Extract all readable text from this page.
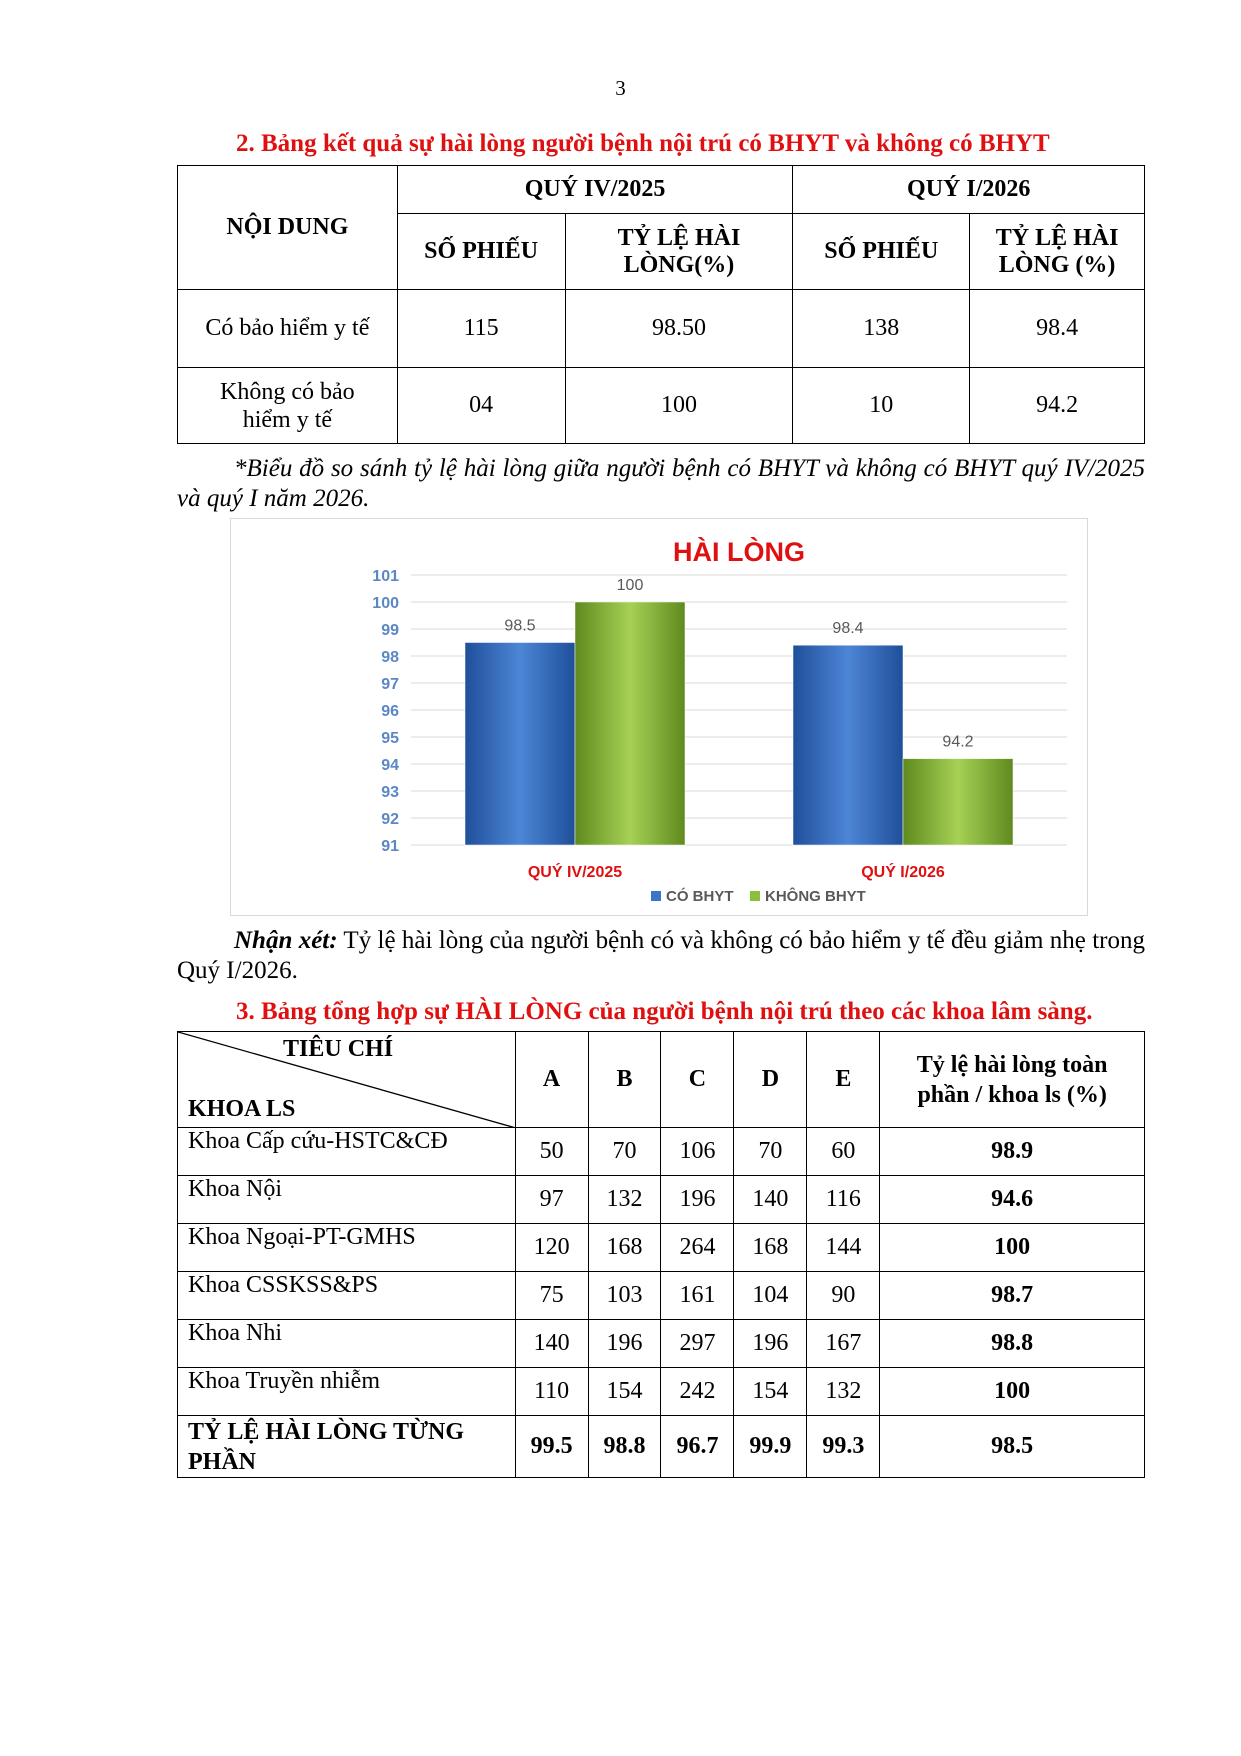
3
2. Bảng kết quả sự hài lòng người bệnh nội trú có BHYT và không có BHYT
NỘI DUNG	QUÝ IV/2025		QUÝ I/2026	
	SỐ PHIẾU	TỶ LỆ HÀI LÒNG(%)	SỐ PHIẾU	TỶ LỆ HÀI LÒNG (%)
Có bảo hiểm y tế	115	98.50	138	98.4
Không có bảo hiểm y tế	04	100	10	94.2
*Biểu đồ so sánh tỷ lệ hài lòng giữa người bệnh có BHYT và không có BHYT quý IV/2025 và quý I năm 2026.
HÀI LÒNG
101
100
99
98
97
96
95
94
93
92
91
98.5
100
98.4
94.2
QUÝ IV/2025	QUÝ I/2026
CÓ BHYT KHÔNG BHYT
Nhận xét: Tỷ lệ hài lòng của người bệnh có và không có bảo hiểm y tế đều giảm nhẹ trong Quý I/2026.
3. Bảng tổng hợp sự HÀI LÒNG của người bệnh nội trú theo các khoa lâm sàng.
TIÊU CHÍ
KHOA LS	A	B	C	D	E	Tỷ lệ hài lòng toàn phần / khoa ls (%)
Khoa Cấp cứu-HSTC&CĐ	50	70	106	70	60	98.9
Khoa Nội	97	132	196	140	116	94.6
Khoa Ngoại-PT-GMHS	120	168	264	168	144	100
Khoa CSSKSS&PS	75	103	161	104	90	98.7
Khoa Nhi	140	196	297	196	167	98.8
Khoa Truyền nhiễm	110	154	242	154	132	100
TỶ LỆ HÀI LÒNG TỪNG PHẦN	99.5	98.8	96.7	99.9	99.3	98.5
